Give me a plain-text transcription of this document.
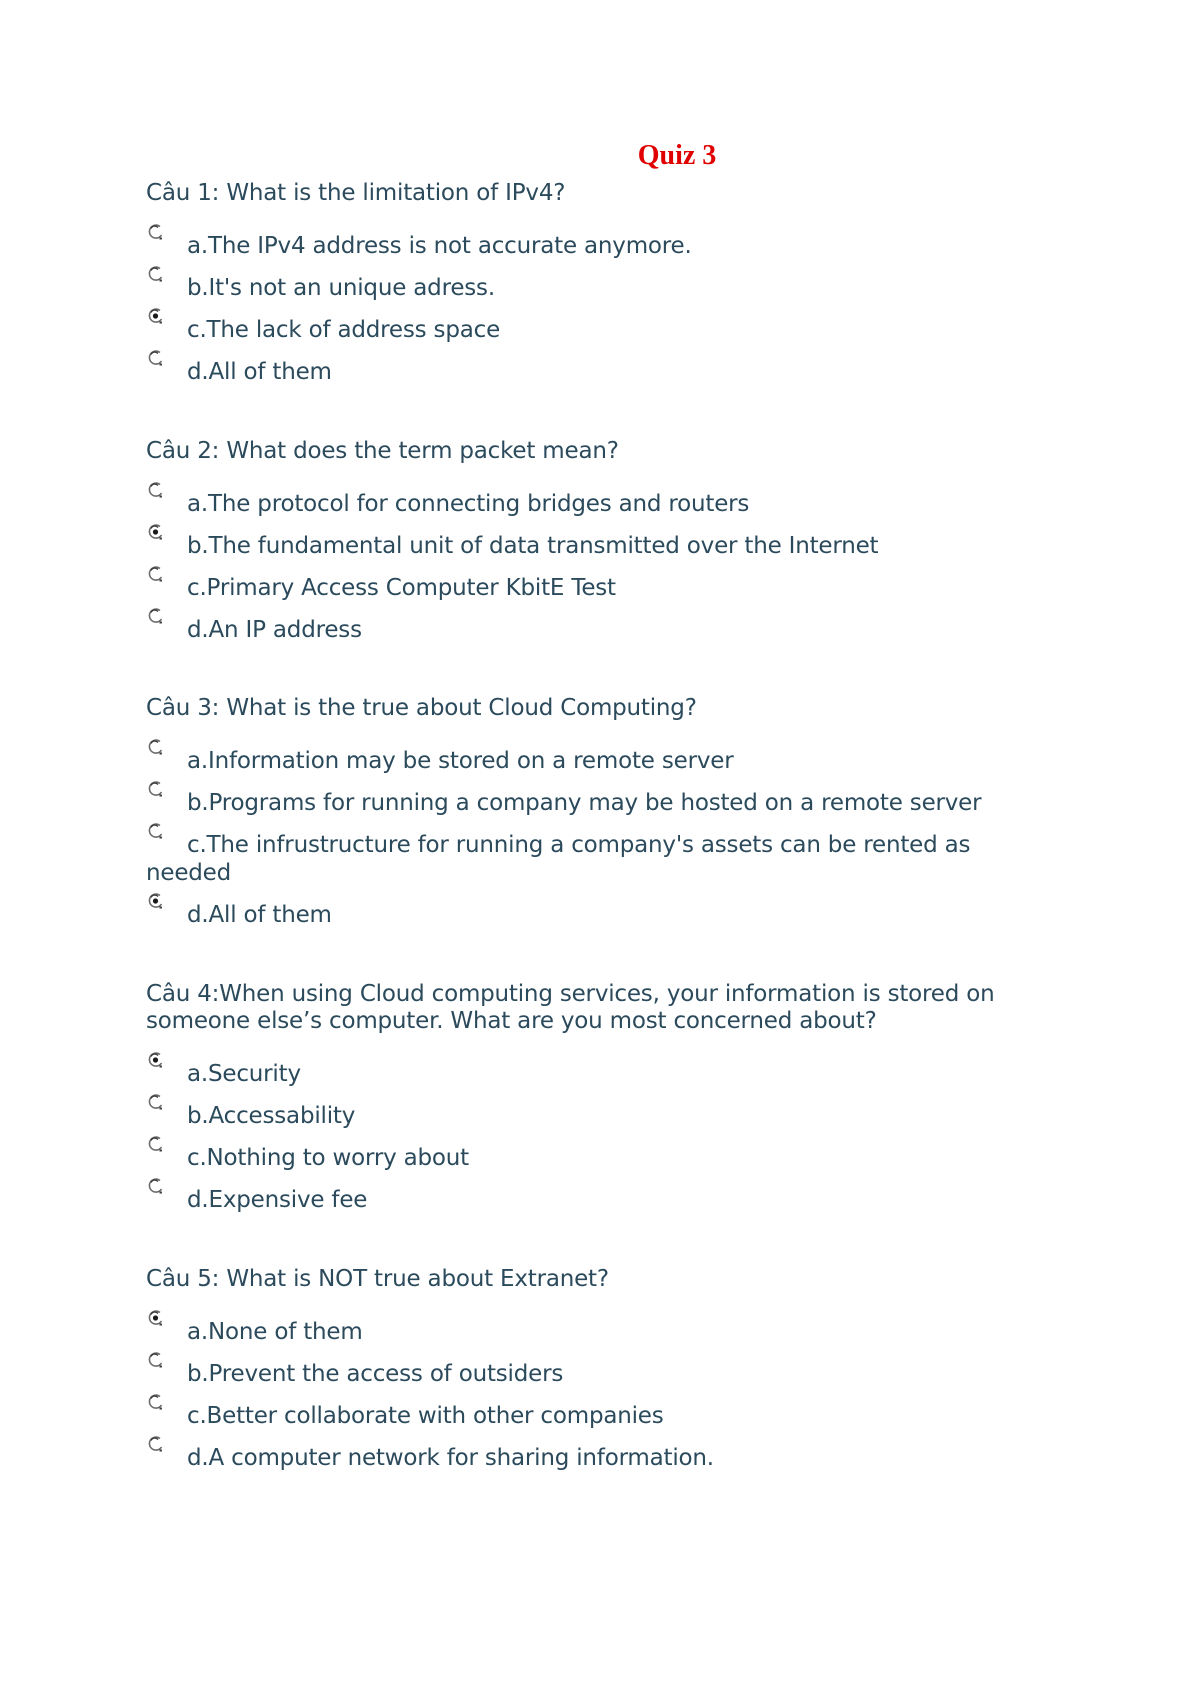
Quiz 3
Câu 1: What is the limitation of IPv4?
a.The IPv4 address is not accurate anymore.
b.It's not an unique adress.
c.The lack of address space
d.All of them
Câu 2: What does the term packet mean?
a.The protocol for connecting bridges and routers
b.The fundamental unit of data transmitted over the Internet
c.Primary Access Computer KbitE Test
d.An IP address
Câu 3: What is the true about Cloud Computing?
a.Information may be stored on a remote server
b.Programs for running a company may be hosted on a remote server
c.The infrustructure for running a company's assets can be rented as needed
d.All of them
Câu 4:When using Cloud computing services, your information is stored on someone else’s computer. What are you most concerned about?
a.Security
b.Accessability
c.Nothing to worry about
d.Expensive fee
Câu 5: What is NOT true about Extranet?
a.None of them
b.Prevent the access of outsiders
c.Better collaborate with other companies
d.A computer network for sharing information.
